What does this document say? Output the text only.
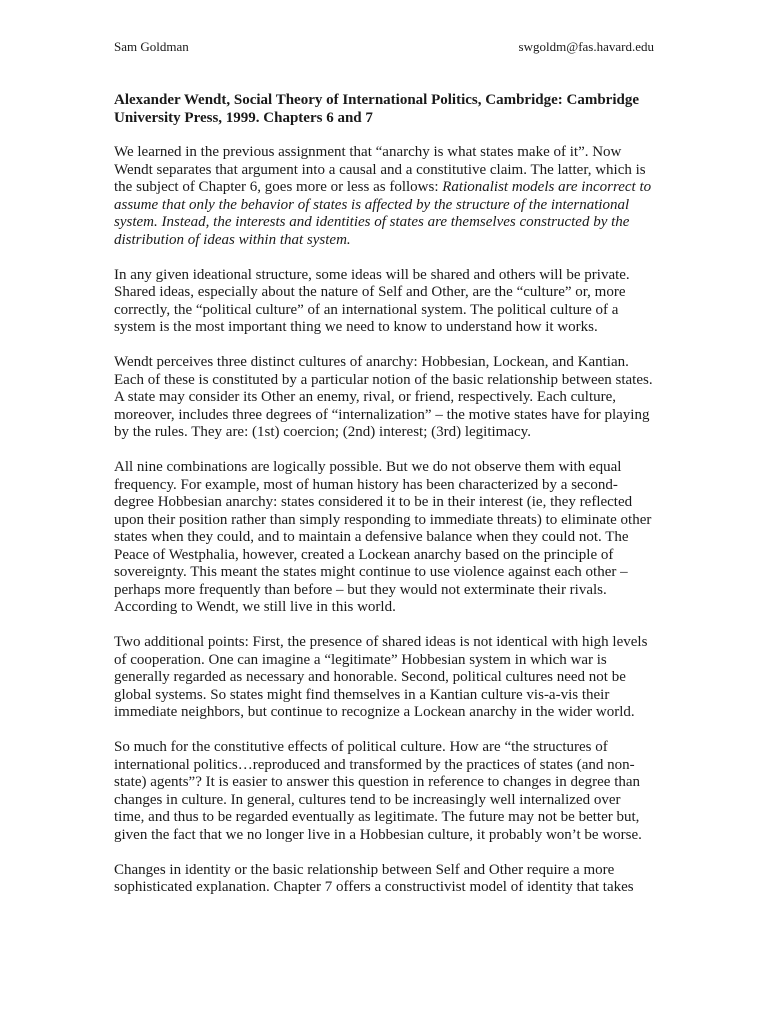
Sam Goldman	swgoldm@fas.havard.edu
Alexander Wendt, Social Theory of International Politics, Cambridge: Cambridge University Press, 1999. Chapters 6 and 7

We learned in the previous assignment that “anarchy is what states make of it”. Now Wendt separates that argument into a causal and a constitutive claim. The latter, which is the subject of Chapter 6, goes more or less as follows: Rationalist models are incorrect to assume that only the behavior of states is affected by the structure of the international system. Instead, the interests and identities of states are themselves constructed by the distribution of ideas within that system.

In any given ideational structure, some ideas will be shared and others will be private. Shared ideas, especially about the nature of Self and Other, are the “culture” or, more correctly, the “political culture” of an international system. The political culture of a system is the most important thing we need to know to understand how it works.

Wendt perceives three distinct cultures of anarchy: Hobbesian, Lockean, and Kantian. Each of these is constituted by a particular notion of the basic relationship between states. A state may consider its Other an enemy, rival, or friend, respectively. Each culture, moreover, includes three degrees of “internalization” – the motive states have for playing by the rules. They are: (1st) coercion; (2nd) interest; (3rd) legitimacy.

All nine combinations are logically possible. But we do not observe them with equal frequency. For example, most of human history has been characterized by a second-degree Hobbesian anarchy: states considered it to be in their interest (ie, they reflected upon their position rather than simply responding to immediate threats) to eliminate other states when they could, and to maintain a defensive balance when they could not. The Peace of Westphalia, however, created a Lockean anarchy based on the principle of sovereignty. This meant the states might continue to use violence against each other – perhaps more frequently than before – but they would not exterminate their rivals. According to Wendt, we still live in this world.

Two additional points: First, the presence of shared ideas is not identical with high levels of cooperation. One can imagine a “legitimate” Hobbesian system in which war is generally regarded as necessary and honorable. Second, political cultures need not be global systems. So states might find themselves in a Kantian culture vis-a-vis their immediate neighbors, but continue to recognize a Lockean anarchy in the wider world.

So much for the constitutive effects of political culture. How are “the structures of international politics…reproduced and transformed by the practices of states (and non-state) agents”? It is easier to answer this question in reference to changes in degree than changes in culture. In general, cultures tend to be increasingly well internalized over time, and thus to be regarded eventually as legitimate. The future may not be better but, given the fact that we no longer live in a Hobbesian culture, it probably won’t be worse.

Changes in identity or the basic relationship between Self and Other require a more sophisticated explanation. Chapter 7 offers a constructivist model of identity that takes
